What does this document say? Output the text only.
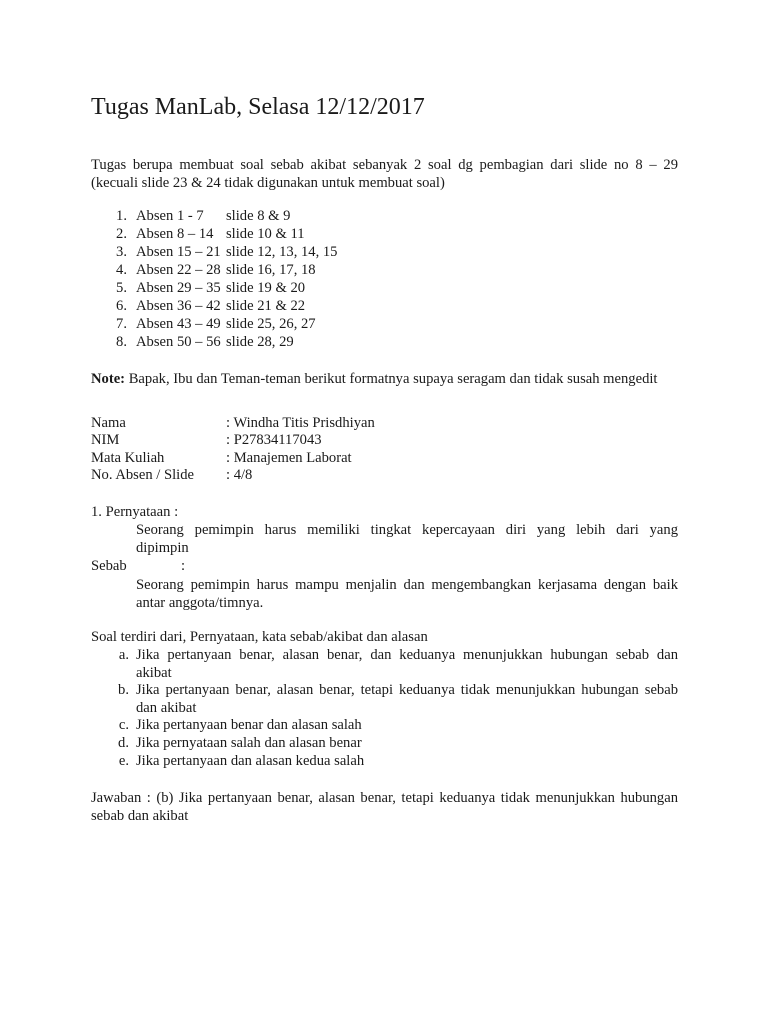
Tugas ManLab, Selasa 12/12/2017
Tugas berupa membuat soal sebab akibat sebanyak 2 soal dg pembagian dari slide no 8 – 29
(kecuali slide 23 & 24 tidak digunakan untuk membuat soal)
1. Absen 1 - 7 slide 8 & 9
2. Absen 8 – 14 slide 10 & 11
3. Absen 15 – 21 slide 12, 13, 14, 15
4. Absen 22 – 28 slide 16, 17, 18
5. Absen 29 – 35 slide 19 & 20
6. Absen 36 – 42 slide 21 & 22
7. Absen 43 – 49 slide 25, 26, 27
8. Absen 50 – 56 slide 28, 29
Note: Bapak, Ibu dan Teman-teman berikut formatnya supaya seragam dan tidak susah mengedit
Nama	: Windha Titis Prisdhiyan
NIM	: P27834117043
Mata Kuliah	: Manajemen Laborat
No. Absen / Slide : 4/8
1. Pernyataan :
Seorang pemimpin harus memiliki tingkat kepercayaan diri yang lebih dari yang
dipimpin
Sebab	:
Seorang pemimpin harus mampu menjalin dan mengembangkan kerjasama dengan baik
antar anggota/timnya.
Soal terdiri dari, Pernyataan, kata sebab/akibat dan alasan
a. Jika pertanyaan benar, alasan benar, dan keduanya menunjukkan hubungan sebab dan
akibat
b. Jika pertanyaan benar, alasan benar, tetapi keduanya tidak menunjukkan hubungan sebab
dan akibat
c. Jika pertanyaan benar dan alasan salah
d. Jika pernyataan salah dan alasan benar
e. Jika pertanyaan dan alasan kedua salah
Jawaban : (b) Jika pertanyaan benar, alasan benar, tetapi keduanya tidak menunjukkan hubungan
sebab dan akibat
